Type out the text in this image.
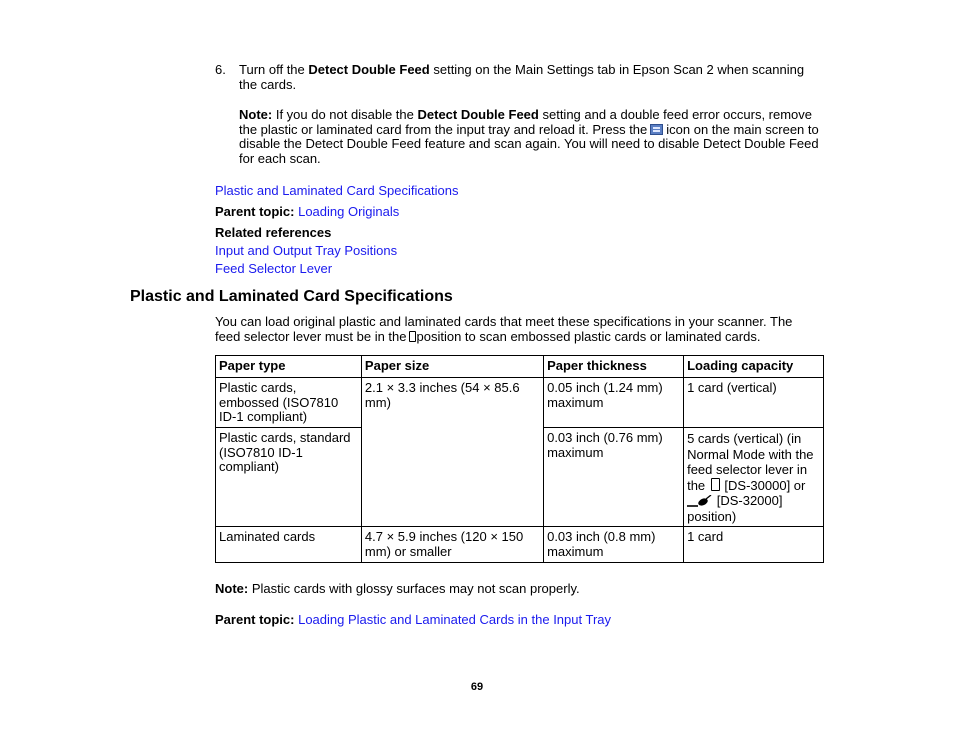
6. Turn off the Detect Double Feed setting on the Main Settings tab in Epson Scan 2 when scanning the cards.
Note: If you do not disable the Detect Double Feed setting and a double feed error occurs, remove the plastic or laminated card from the input tray and reload it. Press the icon on the main screen to disable the Detect Double Feed feature and scan again. You will need to disable Detect Double Feed for each scan.
Plastic and Laminated Card Specifications
Parent topic: Loading Originals
Related references
Input and Output Tray Positions
Feed Selector Lever
Plastic and Laminated Card Specifications
You can load original plastic and laminated cards that meet these specifications in your scanner. The feed selector lever must be in the position to scan embossed plastic cards or laminated cards.
Paper type	Paper size	Paper thickness	Loading capacity
Plastic cards, embossed (ISO7810 ID-1 compliant)	2.1 × 3.3 inches (54 × 85.6 mm)	0.05 inch (1.24 mm) maximum	1 card (vertical)
Plastic cards, standard (ISO7810 ID-1 compliant)		0.03 inch (0.76 mm) maximum	5 cards (vertical) (in Normal Mode with the feed selector lever in the [DS-30000] or
[DS-32000] position)
Laminated cards	4.7 × 5.9 inches (120 × 150 mm) or smaller	0.03 inch (0.8 mm) maximum	1 card
Note: Plastic cards with glossy surfaces may not scan properly.
Parent topic: Loading Plastic and Laminated Cards in the Input Tray
69
